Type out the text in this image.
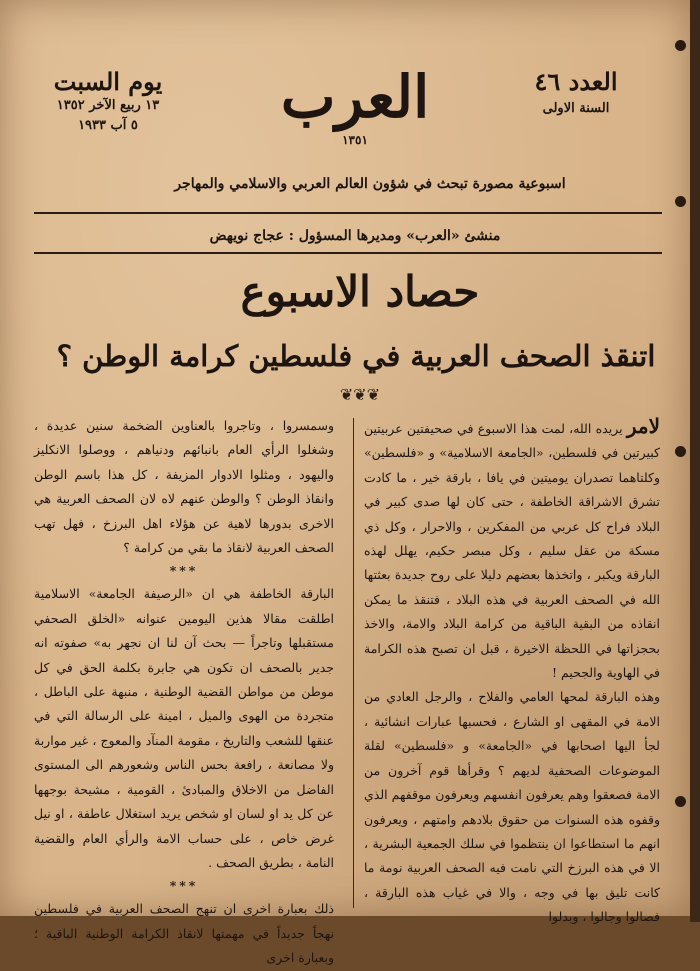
العدد ٤٦
السنة الاولى
العرب
١٣٥١
يوم السبت
١٣ ربيع الآخر ١٣٥٢
٥ آب ١٩٣٣
اسبوعية مصورة تبحث في شؤون العالم العربي والاسلامي والمهاجر
منشئ «العرب» ومديرها المسؤول : عجاج نويهض
حصاد الاسبوع
اتنقذ الصحف العربية في فلسطين كرامة الوطن ؟
❦❦❦

لامر يريده الله، لمت هذا الاسبوع في صحيفتين عربيتين كبيرتين في فلسطين، «الجامعة الاسلامية» و «فلسطين» وكلتاهما تصدران يوميتين في يافا ، بارقة خير ، ما كادت تشرق الاشراقة الخاطفة ، حتى كان لها صدى كبير في البلاد فراح كل عربي من المفكرين ، والاحرار ، وكل ذي مسكة من عقل سليم ، وكل مبصر حكيم، يهلل لهذه البارقة ويكبر ، واتخذها بعضهم دليلا على روح جديدة بعثتها الله في الصحف العربية في هذه البلاد ، فتنقذ ما يمكن انقاذه من البقية الباقية من كرامة البلاد والامة، والاخذ بحجزاتها في اللحظة الاخيرة ، قبل ان تصبح هذه الكرامة في الهاوية والجحيم !

وهذه البارقة لمحها العامي والفلاح ، والرجل العادي من الامة في المقهى او الشارع ، فحسبها عبارات انشائية ، لجأ اليها اصحابها في «الجامعة» و «فلسطين» لقلة الموضوعات الصحفية لديهم ؟ وقرأها قوم آخرون من الامة فصعقوا وهم يعرفون انفسهم ويعرفون موقفهم الذي وقفوه هذه السنوات من حقوق بلادهم وامتهم ، ويعرفون انهم ما استطاعوا ان ينتظموا في سلك الجمعية البشرية ، الا في هذه البرزخ التي نامت فيه الصحف العربية نومة ما كانت تليق بها في وجه ، والا في غياب هذه البارقة ، فصالوا وجالوا ، وبدلوا

وسمسروا ، وتاجروا بالعناوين الضخمة سنين عديدة ، وشغلوا الرأي العام بانبائهم ودنياهم ، ووصلوا الانكليز واليهود ، ومثلوا الادوار المزيفة ، كل هذا باسم الوطن وانقاذ الوطن ؟ والوطن عنهم لاه لان الصحف العربية هي الاخرى بدورها لاهية عن هؤلاء اهل البرزخ ، فهل تهب الصحف العربية لانقاذ ما بقي من كرامة ؟

***

البارقة الخاطفة هي ان «الرصيفة الجامعة» الاسلامية اطلقت مقالا هذين اليومين عنوانه «الخلق الصحفي مستقبلها وتاجراً — بحث آن لنا ان نجهر به» صفوته انه جدير بالصحف ان تكون هي جابرة بكلمة الحق في كل موطن من مواطن القضية الوطنية ، منبهة على الباطل ، متجردة من الهوى والميل ، امينة على الرسالة التي في عنقها للشعب والتاريخ ، مقومة المنآد والمعوج ، غير مواربة ولا مصانعة ، رافعة بحس الناس وشعورهم الى المستوى الفاضل من الاخلاق والمبادئ ، القومية ، مشيحة بوجهها عن كل يد او لسان او شخص يريد استغلال عاطفة ، او نيل غرض خاص ، على حساب الامة والرأي العام والقضية النامة ، بطريق الصحف .

***

ذلك بعبارة اخرى ان تنهج الصحف العربية في فلسطين نهجاً جديداً في مهمتها لانقاذ الكرامة الوطنية الباقية ؛ وبعبارة اخرى
